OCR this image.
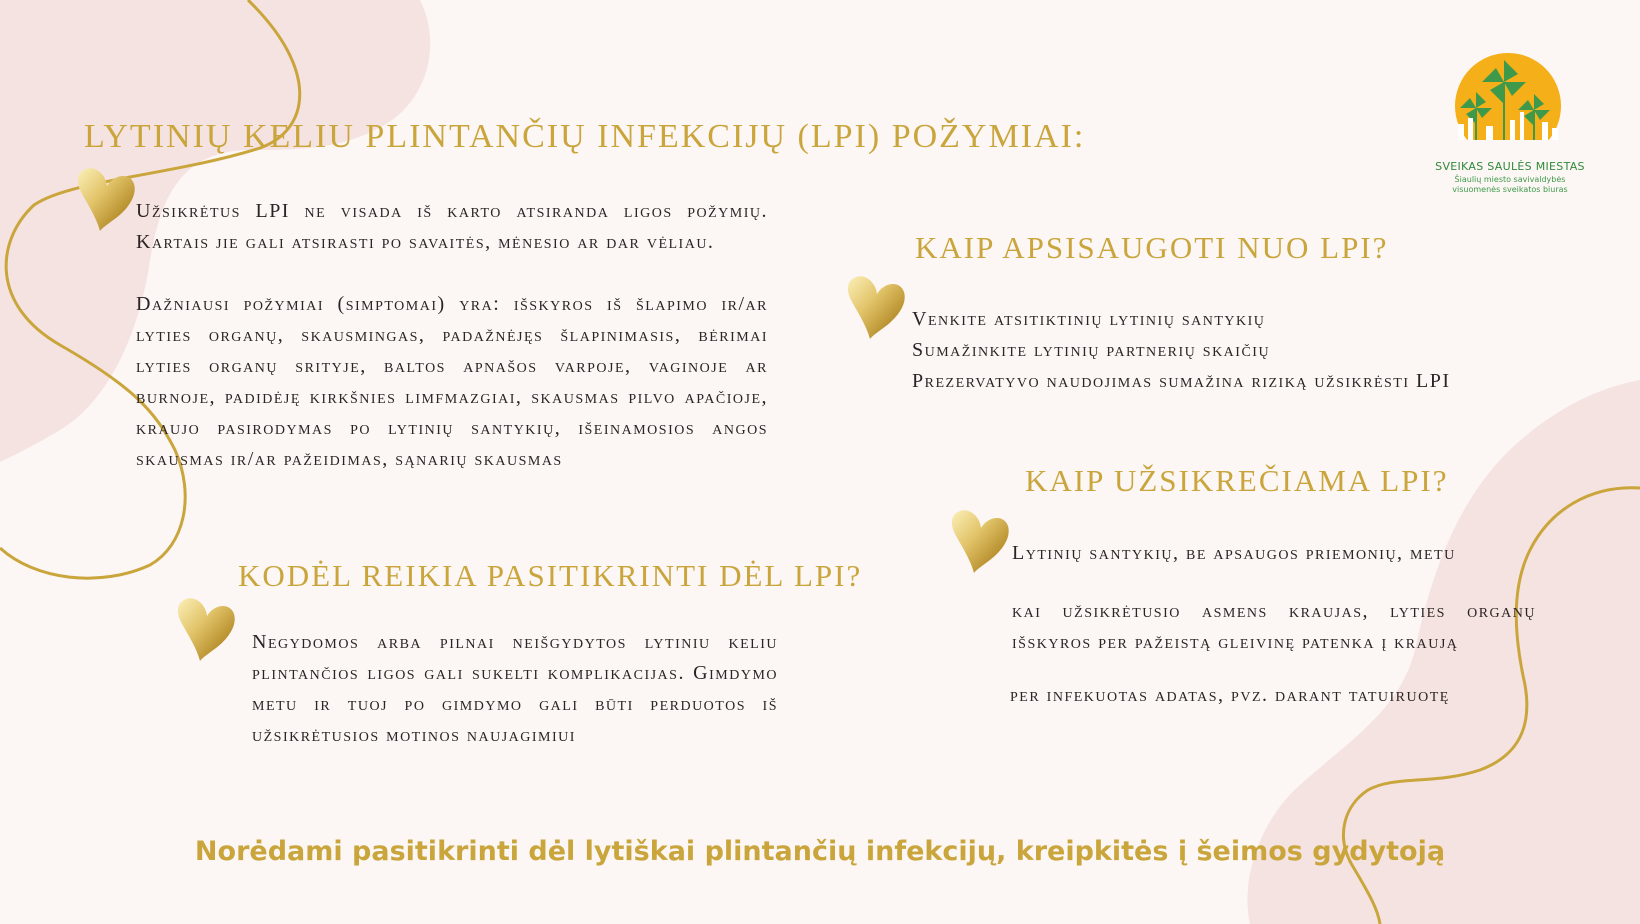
SVEIKAS SAULĖS MIESTAS
Šiaulių miesto savivaldybės
visuomenės sveikatos biuras
LYTINIŲ KELIU PLINTANČIŲ INFEKCIJŲ (LPI) POŽYMIAI:

Užsikrėtus LPI ne visada iš karto atsiranda ligos požymių. Kartais jie gali atsirasti po savaitės, mėnesio ar dar vėliau.

Dažniausi požymiai (simptomai) yra: išskyros iš šlapimo ir/ar lyties organų, skausmingas, padažnėjęs šlapinimasis, bėrimai lyties organų srityje, baltos apnašos varpoje, vaginoje ar burnoje, padidėję kirkšnies limfmazgiai, skausmas pilvo apačioje, kraujo pasirodymas po lytinių santykių, išeinamosios angos skausmas ir/ar pažeidimas, sąnarių skausmas

KAIP APSISAUGOTI NUO LPI?
Venkite atsitiktinių lytinių santykių
Sumažinkite lytinių partnerių skaičių
Prezervatyvo naudojimas sumažina riziką užsikrėsti LPI
KAIP UŽSIKREČIAMA LPI?

Lytinių santykių, be apsaugos priemonių, metu

kai užsikrėtusio asmens kraujas, lyties organų išskyros per pažeistą gleivinę patenka į kraują

per infekuotas adatas, pvz. darant tatuiruotę

KODĖL REIKIA PASITIKRINTI DĖL LPI?

Negydomos arba pilnai neišgydytos lytiniu keliu plintančios ligos gali sukelti komplikacijas. Gimdymo metu ir tuoj po gimdymo gali būti perduotos iš užsikrėtusios motinos naujagimiui

Norėdami pasitikrinti dėl lytiškai plintančių infekcijų, kreipkitės į šeimos gydytoją
